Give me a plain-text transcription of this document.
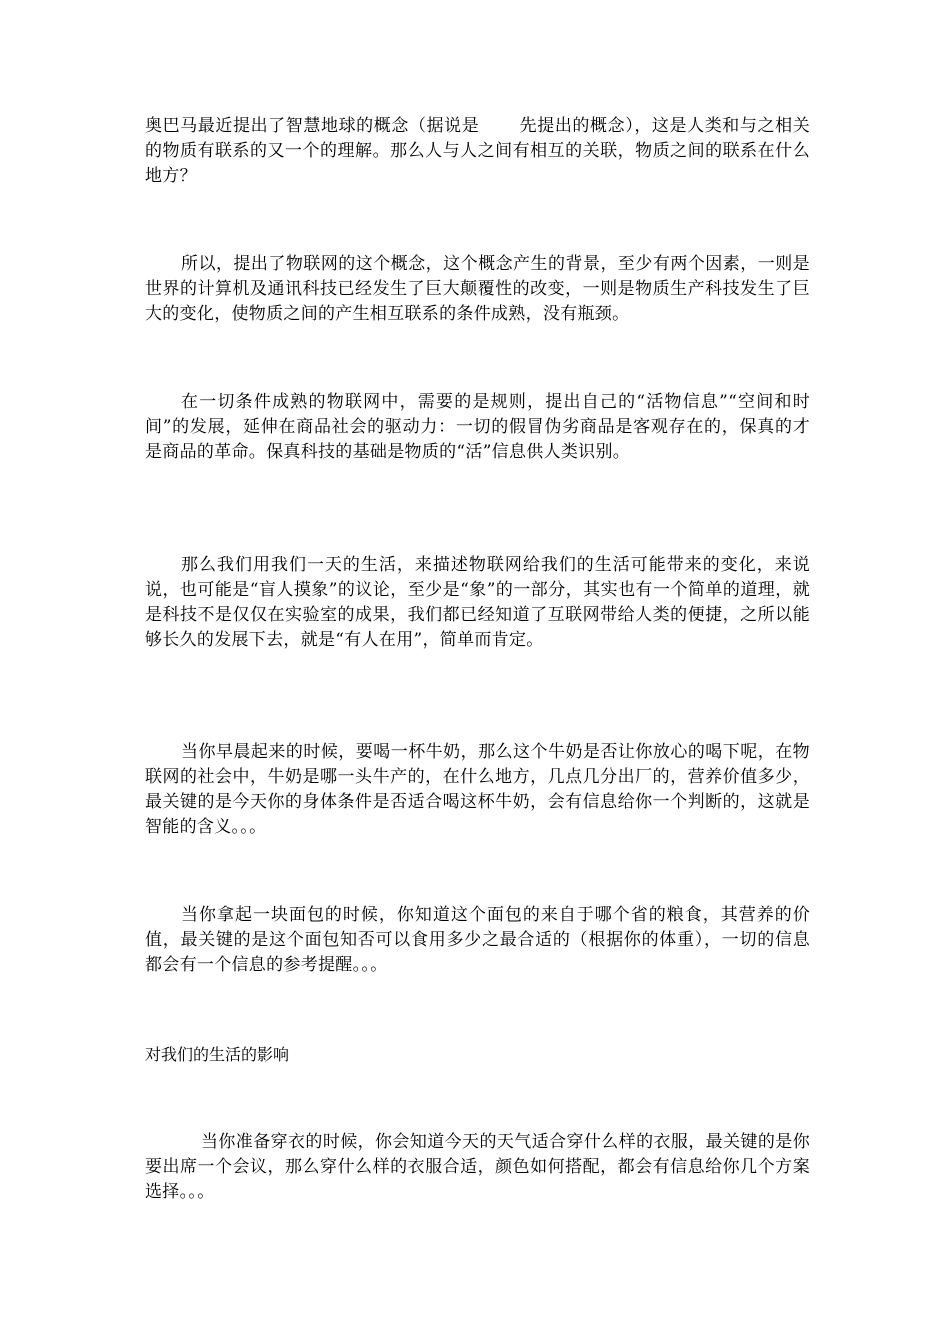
奥巴马最近提出了智慧地球的概念（据说是 先提出的概念），这是人类和与之相关的物质有联系的又一个的理解。那么人与人之间有相互的关联，物质之间的联系在什么地方？

所以，提出了物联网的这个概念，这个概念产生的背景，至少有两个因素，一则是世界的计算机及通讯科技已经发生了巨大颠覆性的改变，一则是物质生产科技发生了巨大的变化，使物质之间的产生相互联系的条件成熟，没有瓶颈。

在一切条件成熟的物联网中，需要的是规则，提出自己的“活物信息”“空间和时间”的发展，延伸在商品社会的驱动力：一切的假冒伪劣商品是客观存在的，保真的才是商品的革命。保真科技的基础是物质的“活”信息供人类识别。

那么我们用我们一天的生活，来描述物联网给我们的生活可能带来的变化，来说说，也可能是“盲人摸象”的议论，至少是“象”的一部分，其实也有一个简单的道理，就是科技不是仅仅在实验室的成果，我们都已经知道了互联网带给人类的便捷，之所以能够长久的发展下去，就是“有人在用”，简单而肯定。

当你早晨起来的时候，要喝一杯牛奶，那么这个牛奶是否让你放心的喝下呢，在物联网的社会中，牛奶是哪一头牛产的，在什么地方，几点几分出厂的，营养价值多少，最关键的是今天你的身体条件是否适合喝这杯牛奶，会有信息给你一个判断的，这就是智能的含义。。。

当你拿起一块面包的时候，你知道这个面包的来自于哪个省的粮食，其营养的价值，最关键的是这个面包知否可以食用多少之最合适的（根据你的体重），一切的信息都会有一个信息的参考提醒。。。

对我们的生活的影响

当你准备穿衣的时候，你会知道今天的天气适合穿什么样的衣服，最关键的是你要出席一个会议，那么穿什么样的衣服合适，颜色如何搭配，都会有信息给你几个方案选择。。。
